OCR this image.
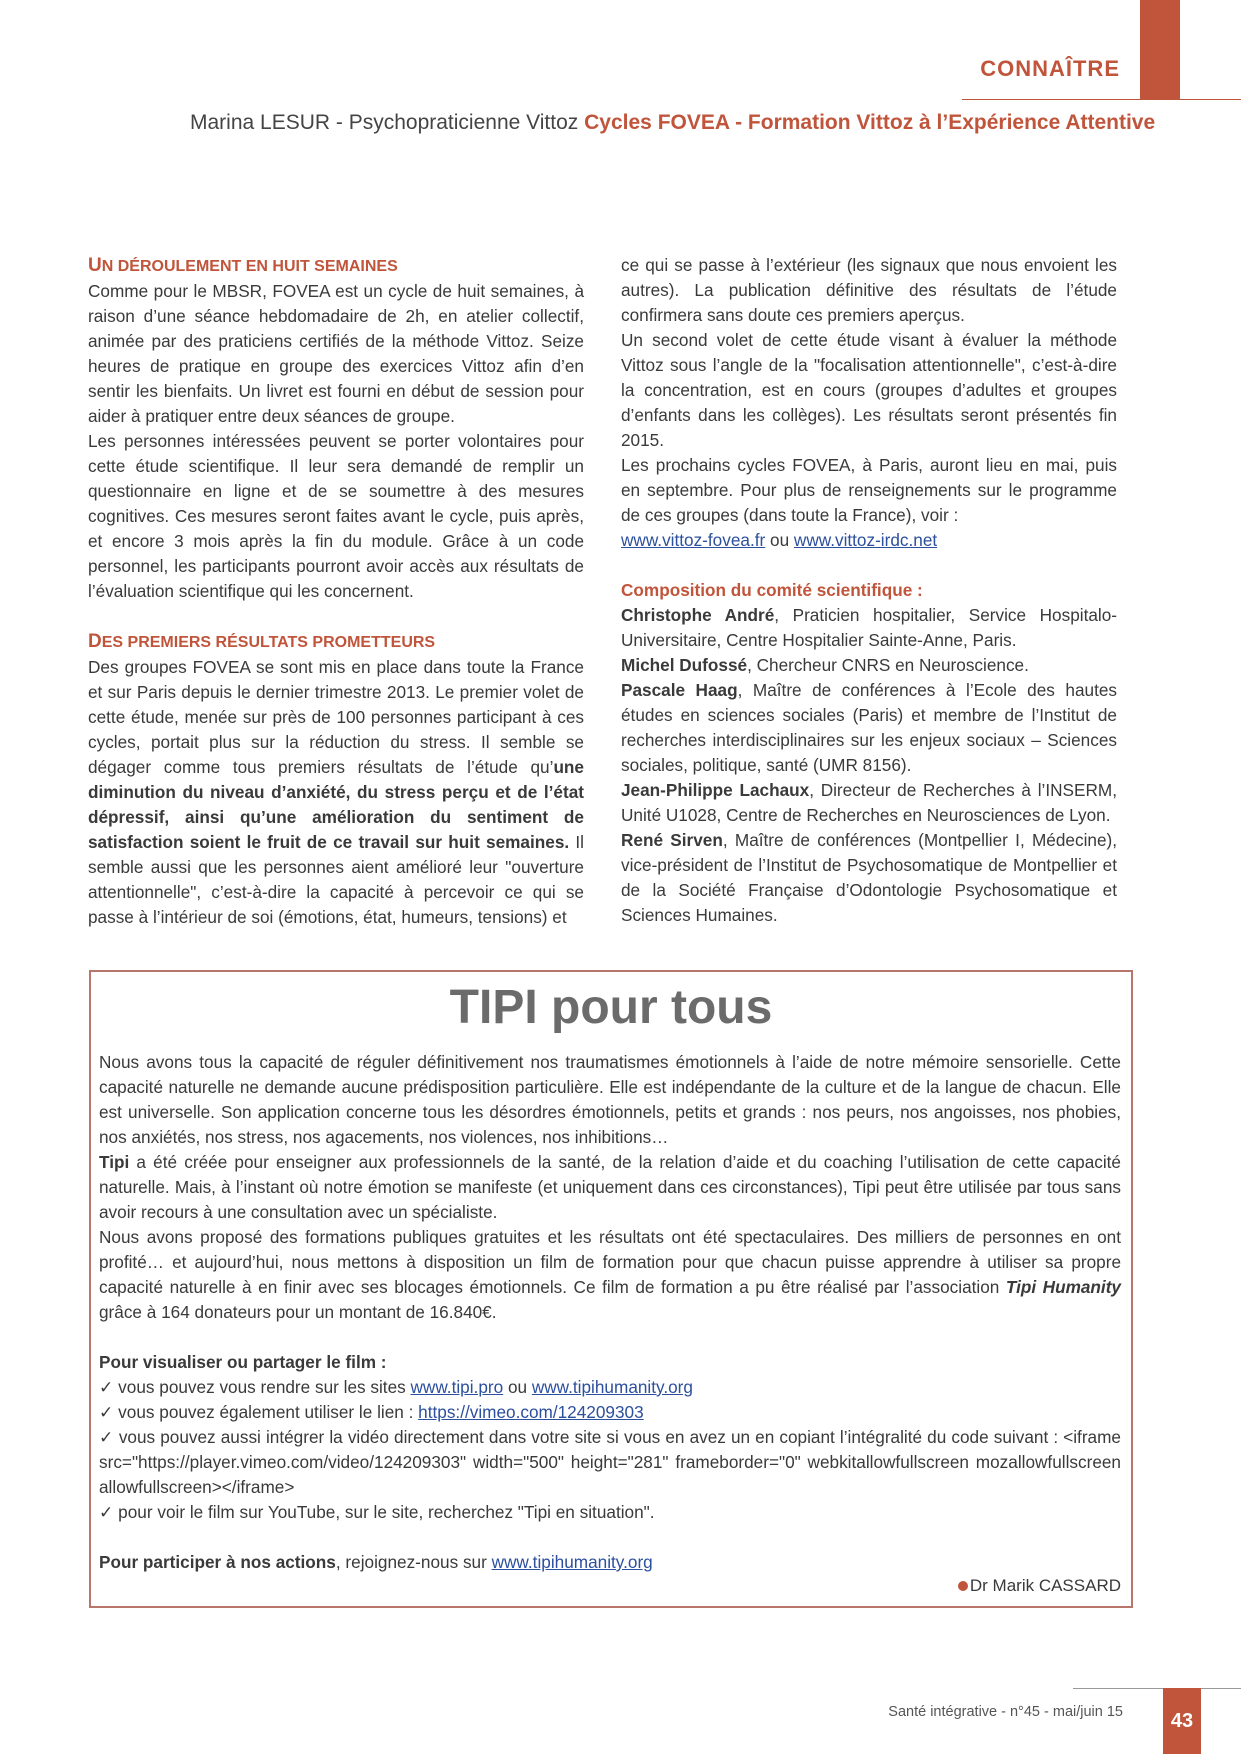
CONNAÎTRE
Marina LESUR - Psychopraticienne Vittoz Cycles FOVEA - Formation Vittoz à l’Expérience Attentive

UN DÉROULEMENT EN HUIT SEMAINES

Comme pour le MBSR, FOVEA est un cycle de huit semaines, à raison d’une séance hebdomadaire de 2h, en atelier collectif, animée par des praticiens certifiés de la méthode Vittoz. Seize heures de pratique en groupe des exercices Vittoz afin d’en sentir les bienfaits. Un livret est fourni en début de session pour aider à pratiquer entre deux séances de groupe.

Les personnes intéressées peuvent se porter volontaires pour cette étude scientifique. Il leur sera demandé de remplir un questionnaire en ligne et de se soumettre à des mesures cognitives. Ces mesures seront faites avant le cycle, puis après, et encore 3 mois après la fin du module. Grâce à un code personnel, les participants pourront avoir accès aux résultats de l’évaluation scientifique qui les concernent.

DES PREMIERS RÉSULTATS PROMETTEURS

Des groupes FOVEA se sont mis en place dans toute la France et sur Paris depuis le dernier trimestre 2013. Le premier volet de cette étude, menée sur près de 100 personnes participant à ces cycles, portait plus sur la réduction du stress. Il semble se dégager comme tous premiers résultats de l’étude qu’une diminution du niveau d’anxiété, du stress perçu et de l’état dépressif, ainsi qu’une amélioration du sentiment de satisfaction soient le fruit de ce travail sur huit semaines. Il semble aussi que les personnes aient amélioré leur "ouverture attentionnelle", c’est-à-dire la capacité à percevoir ce qui se passe à l’intérieur de soi (émotions, état, humeurs, tensions) et

ce qui se passe à l’extérieur (les signaux que nous envoient les autres). La publication définitive des résultats de l’étude confirmera sans doute ces premiers aperçus.

Un second volet de cette étude visant à évaluer la méthode Vittoz sous l’angle de la "focalisation attentionnelle", c’est-à-dire la concentration, est en cours (groupes d’adultes et groupes d’enfants dans les collèges). Les résultats seront présentés fin 2015.

Les prochains cycles FOVEA, à Paris, auront lieu en mai, puis en septembre. Pour plus de renseignements sur le programme de ces groupes (dans toute la France), voir :
www.vittoz-fovea.fr ou www.vittoz-irdc.net

Composition du comité scientifique :

Christophe André, Praticien hospitalier, Service Hospitalo-Universitaire, Centre Hospitalier Sainte-Anne, Paris.

Michel Dufossé, Chercheur CNRS en Neuroscience.

Pascale Haag, Maître de conférences à l’Ecole des hautes études en sciences sociales (Paris) et membre de l’Institut de recherches interdisciplinaires sur les enjeux sociaux – Sciences sociales, politique, santé (UMR 8156).

Jean-Philippe Lachaux, Directeur de Recherches à l’INSERM, Unité U1028, Centre de Recherches en Neurosciences de Lyon.

René Sirven, Maître de conférences (Montpellier I, Médecine), vice-président de l’Institut de Psychosomatique de Montpellier et de la Société Française d’Odontologie Psychosomatique et Sciences Humaines.

TIPI pour tous

Nous avons tous la capacité de réguler définitivement nos traumatismes émotionnels à l’aide de notre mémoire sensorielle. Cette capacité naturelle ne demande aucune prédisposition particulière. Elle est indépendante de la culture et de la langue de chacun. Elle est universelle. Son application concerne tous les désordres émotionnels, petits et grands : nos peurs, nos angoisses, nos phobies, nos anxiétés, nos stress, nos agacements, nos violences, nos inhibitions…

Tipi a été créée pour enseigner aux professionnels de la santé, de la relation d’aide et du coaching l’utilisation de cette capacité naturelle. Mais, à l’instant où notre émotion se manifeste (et uniquement dans ces circonstances), Tipi peut être utilisée par tous sans avoir recours à une consultation avec un spécialiste.

Nous avons proposé des formations publiques gratuites et les résultats ont été spectaculaires. Des milliers de personnes en ont profité… et aujourd’hui, nous mettons à disposition un film de formation pour que chacun puisse apprendre à utiliser sa propre capacité naturelle à en finir avec ses blocages émotionnels. Ce film de formation a pu être réalisé par l’association Tipi Humanity grâce à 164 donateurs pour un montant de 16.840€.

Pour visualiser ou partager le film :

✓ vous pouvez vous rendre sur les sites www.tipi.pro ou www.tipihumanity.org

✓ vous pouvez également utiliser le lien : https://vimeo.com/124209303

✓ vous pouvez aussi intégrer la vidéo directement dans votre site si vous en avez un en copiant l’intégralité du code suivant : <iframe src="https://player.vimeo.com/video/124209303" width="500" height="281" frameborder="0" webkitallowfullscreen mozallowfullscreen allowfullscreen></iframe>

✓ pour voir le film sur YouTube, sur le site, recherchez "Tipi en situation".

Pour participer à nos actions, rejoignez-nous sur www.tipihumanity.org

Dr Marik CASSARD
Santé intégrative - n°45 - mai/juin 15	43
